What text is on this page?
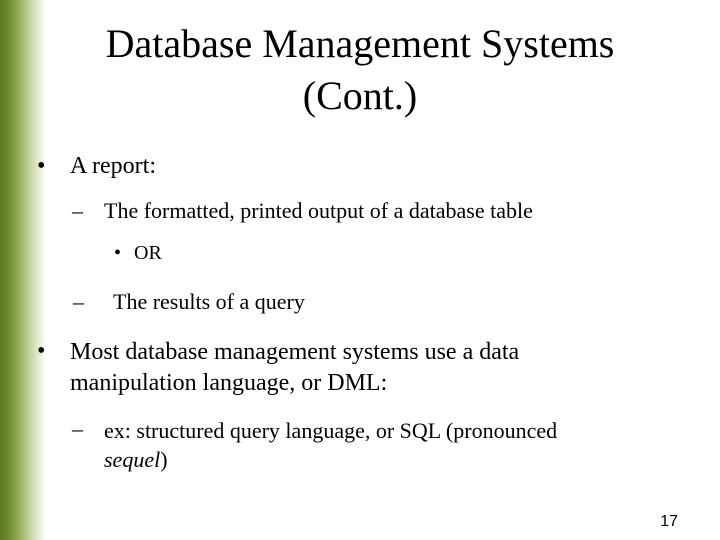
Database Management Systems
(Cont.)
• A report:
– The formatted, printed output of a database table
• OR
– The results of a query
• Most database management systems use a data
manipulation language, or DML:
– ex: structured query language, or SQL (pronounced
sequel)
17
